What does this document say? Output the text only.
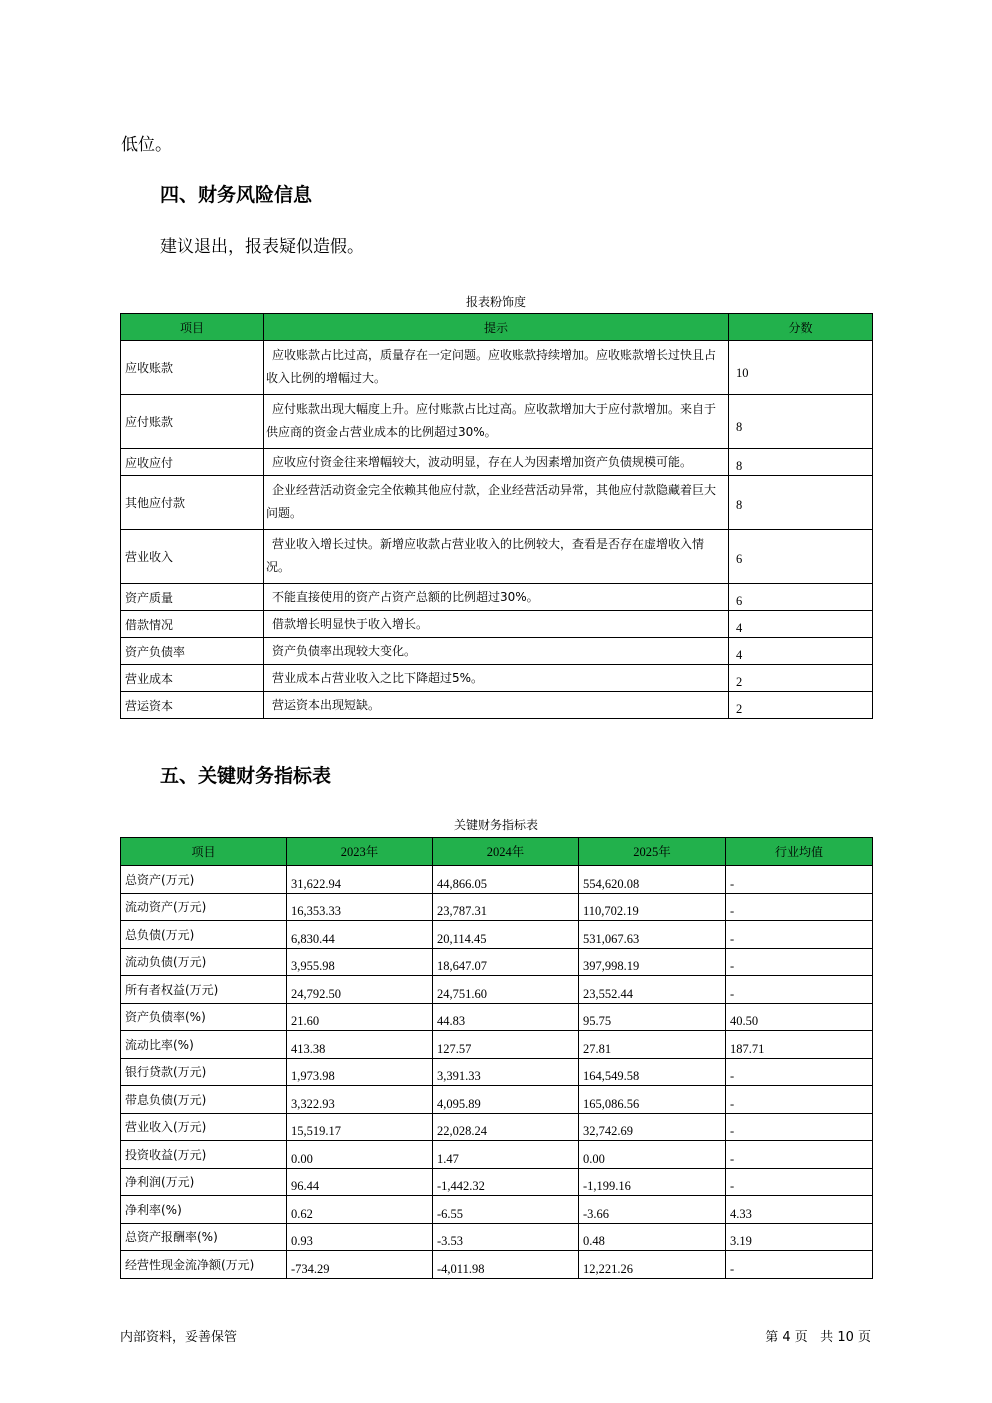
低位。
四、财务风险信息
建议退出，报表疑似造假。
报表粉饰度
项目	提示	分数
应收账款	应收账款占比过高，质量存在一定问题。应收账款持续增加。应收账款增长过快且占收入比例的增幅过大。	10
应付账款	应付账款出现大幅度上升。应付账款占比过高。应收款增加大于应付款增加。来自于供应商的资金占营业成本的比例超过30%。	8
应收应付	应收应付资金往来增幅较大，波动明显，存在人为因素增加资产负债规模可能。	8
其他应付款	企业经营活动资金完全依赖其他应付款，企业经营活动异常，其他应付款隐藏着巨大问题。	8
营业收入	营业收入增长过快。新增应收款占营业收入的比例较大，查看是否存在虚增收入情况。	6
资产质量	不能直接使用的资产占资产总额的比例超过30%。	6
借款情况	借款增长明显快于收入增长。	4
资产负债率	资产负债率出现较大变化。	4
营业成本	营业成本占营业收入之比下降超过5%。	2
营运资本	营运资本出现短缺。	2
五、关键财务指标表
关键财务指标表
项目	2023年	2024年	2025年	行业均值
总资产(万元)	31,622.94	44,866.05	554,620.08	-
流动资产(万元)	16,353.33	23,787.31	110,702.19	-
总负债(万元)	6,830.44	20,114.45	531,067.63	-
流动负债(万元)	3,955.98	18,647.07	397,998.19	-
所有者权益(万元)	24,792.50	24,751.60	23,552.44	-
资产负债率(%)	21.60	44.83	95.75	40.50
流动比率(%)	413.38	127.57	27.81	187.71
银行贷款(万元)	1,973.98	3,391.33	164,549.58	-
带息负债(万元)	3,322.93	4,095.89	165,086.56	-
营业收入(万元)	15,519.17	22,028.24	32,742.69	-
投资收益(万元)	0.00	1.47	0.00	-
净利润(万元)	96.44	-1,442.32	-1,199.16	-
净利率(%)	0.62	-6.55	-3.66	4.33
总资产报酬率(%)	0.93	-3.53	0.48	3.19
经营性现金流净额(万元)	-734.29	-4,011.98	12,221.26	-
内部资料，妥善保管	第 4 页   共 10 页
